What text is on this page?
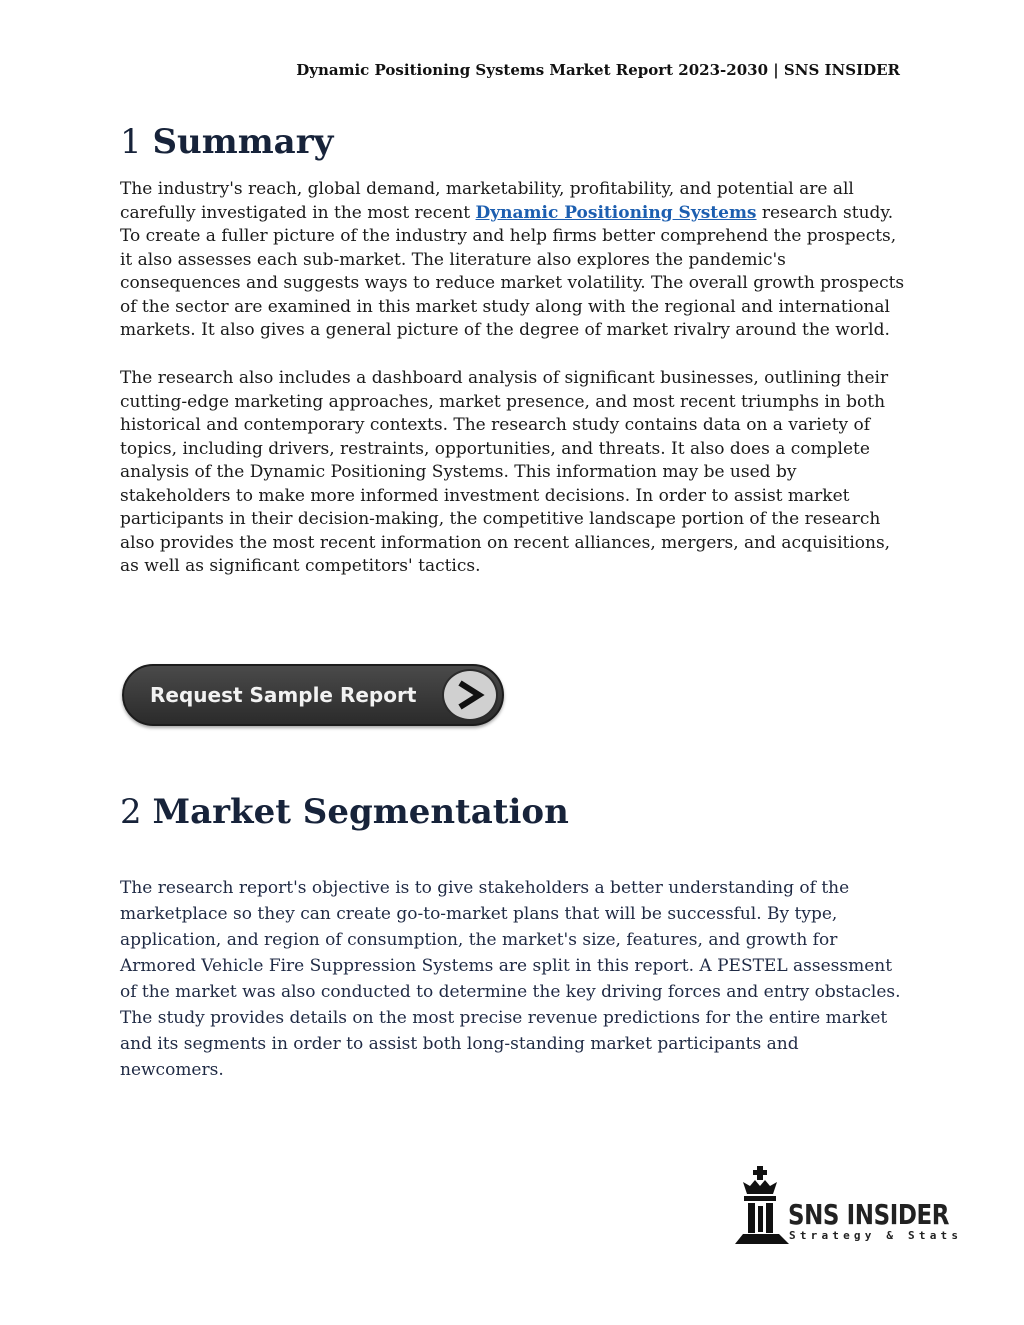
Dynamic Positioning Systems Market Report 2023-2030 | SNS INSIDER
1 Summary

The industry's reach, global demand, marketability, profitability, and potential are all carefully investigated in the most recent Dynamic Positioning Systems research study. To create a fuller picture of the industry and help firms better comprehend the prospects, it also assesses each sub-market. The literature also explores the pandemic's consequences and suggests ways to reduce market volatility. The overall growth prospects of the sector are examined in this market study along with the regional and international markets. It also gives a general picture of the degree of market rivalry around the world.

The research also includes a dashboard analysis of significant businesses, outlining their cutting-edge marketing approaches, market presence, and most recent triumphs in both historical and contemporary contexts. The research study contains data on a variety of topics, including drivers, restraints, opportunities, and threats. It also does a complete analysis of the Dynamic Positioning Systems. This information may be used by stakeholders to make more informed investment decisions. In order to assist market participants in their decision-making, the competitive landscape portion of the research also provides the most recent information on recent alliances, mergers, and acquisitions, as well as significant competitors' tactics.

Request Sample Report
2 Market Segmentation

The research report's objective is to give stakeholders a better understanding of the marketplace so they can create go-to-market plans that will be successful. By type, application, and region of consumption, the market's size, features, and growth for Armored Vehicle Fire Suppression Systems are split in this report. A PESTEL assessment of the market was also conducted to determine the key driving forces and entry obstacles. The study provides details on the most precise revenue predictions for the entire market and its segments in order to assist both long-standing market participants and newcomers.

SNS INSIDER
Strategy & Stats
